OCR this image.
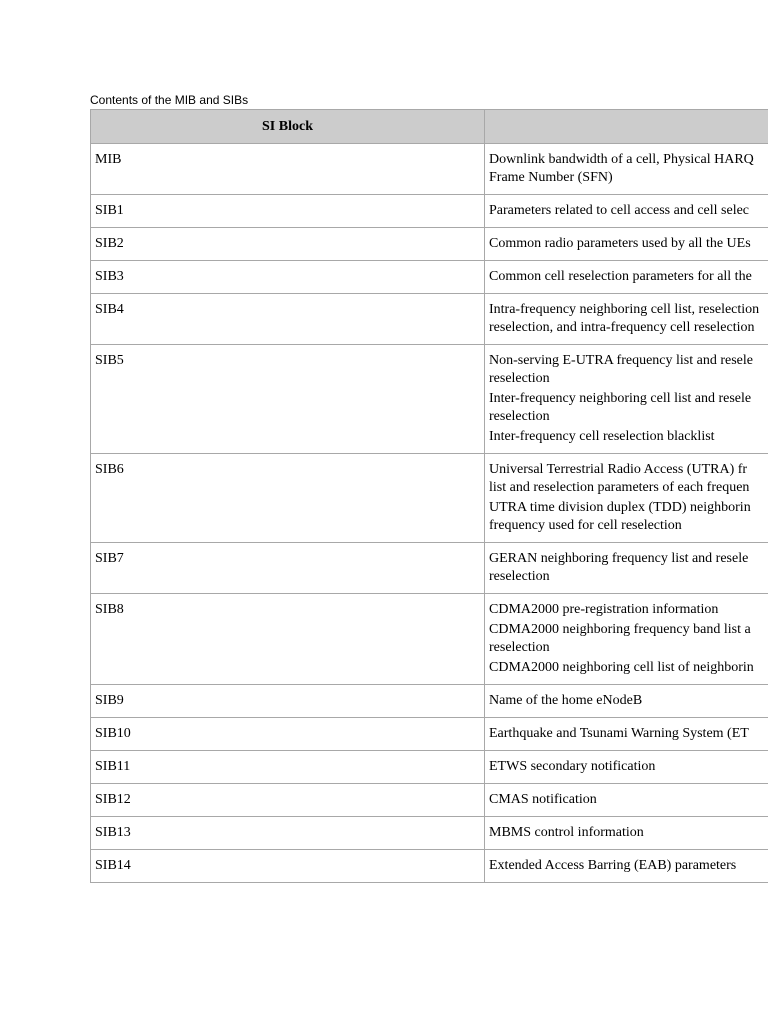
Contents of the MIB and SIBs
SI Block	
MIB	Downlink bandwidth of a cell, Physical HARQ
Frame Number (SFN)

SIB1	Parameters related to cell access and cell selec

SIB2	Common radio parameters used by all the UEs

SIB3	Common cell reselection parameters for all the

SIB4	Intra-frequency neighboring cell list, reselection
reselection, and intra-frequency cell reselection

SIB5	Non-serving E-UTRA frequency list and resele
reselection
Inter-frequency neighboring cell list and resele
reselection
Inter-frequency cell reselection blacklist

SIB6	Universal Terrestrial Radio Access (UTRA) fr
list and reselection parameters of each frequen
UTRA time division duplex (TDD) neighborin
frequency used for cell reselection

SIB7	GERAN neighboring frequency list and resele
reselection

SIB8	CDMA2000 pre-registration information
CDMA2000 neighboring frequency band list a
reselection
CDMA2000 neighboring cell list of neighborin

SIB9	Name of the home eNodeB

SIB10	Earthquake and Tsunami Warning System (ET

SIB11	ETWS secondary notification

SIB12	CMAS notification

SIB13	MBMS control information

SIB14	Extended Access Barring (EAB) parameters
